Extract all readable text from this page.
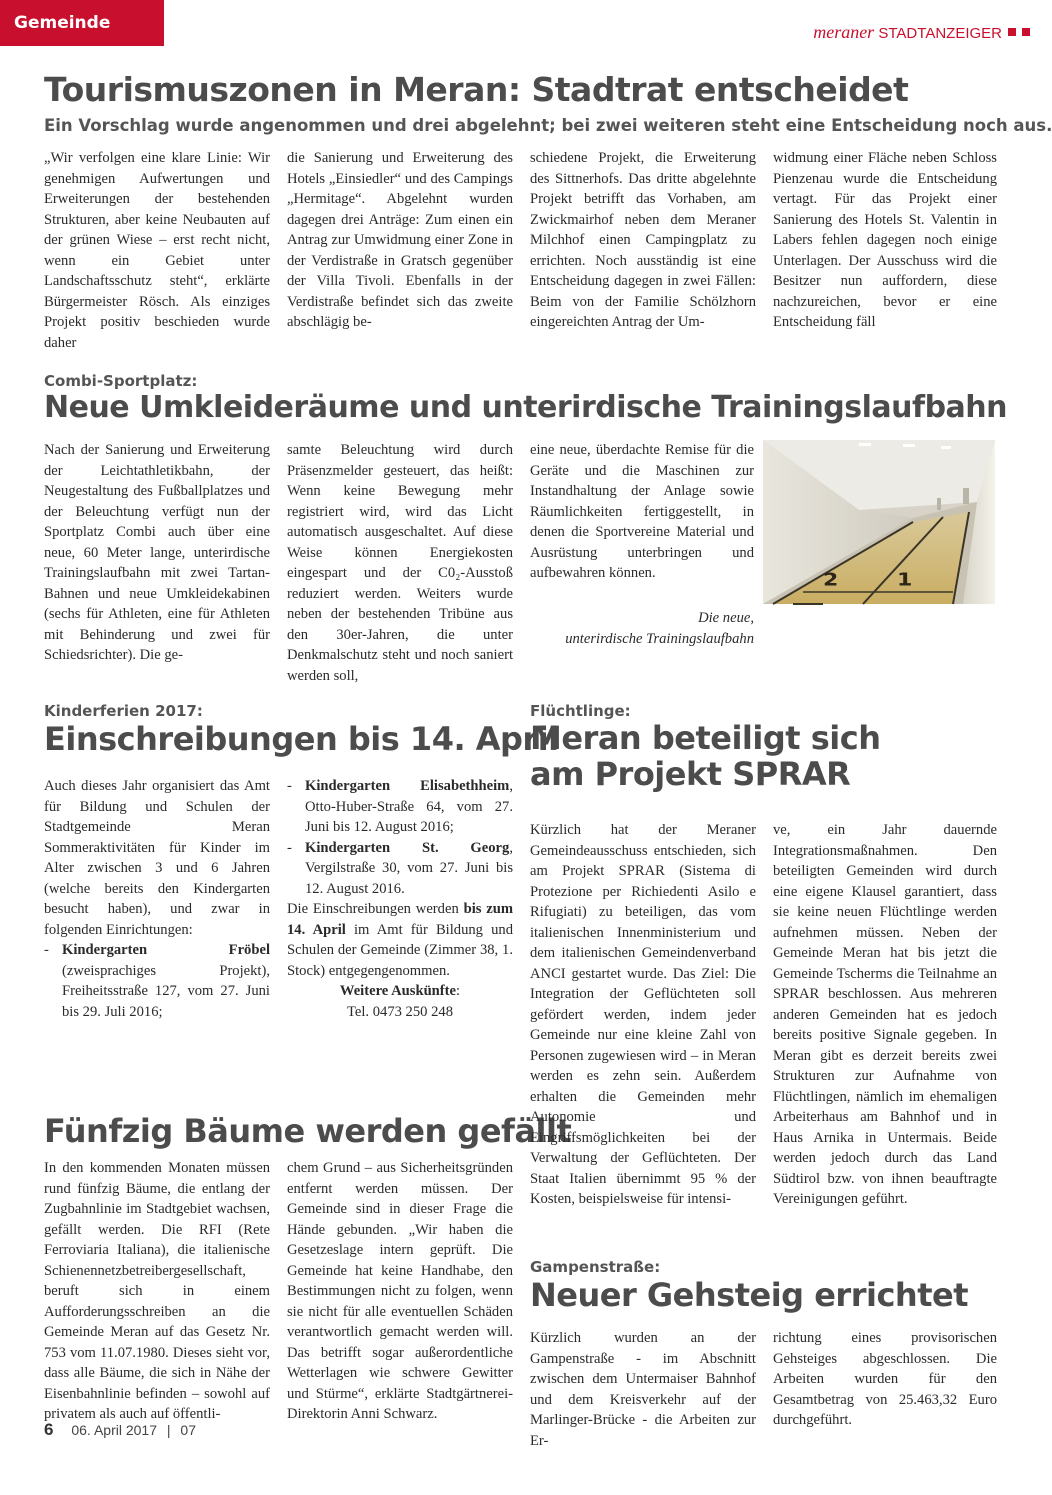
Gemeinde	meraner STADTANZEIGER
Tourismuszonen in Meran: Stadtrat entscheidet
Ein Vorschlag wurde angenommen und drei abgelehnt; bei zwei weiteren steht eine Entscheidung noch aus.

„Wir verfolgen eine klare Linie: Wir genehmigen Aufwertungen und Erweiterungen der bestehenden Strukturen, aber keine Neubauten auf der grünen Wiese – erst recht nicht, wenn ein Gebiet unter Landschaftsschutz steht“, erklärte Bürgermeister Rösch. Als einziges Projekt positiv beschieden wurde daher

die Sanierung und Erweiterung des Hotels „Einsiedler“ und des Campings „Hermitage“. Abgelehnt wurden dagegen drei Anträge: Zum einen ein Antrag zur Umwidmung einer Zone in der Verdistraße in Gratsch gegenüber der Villa Tivoli. Ebenfalls in der Verdistraße befindet sich das zweite abschlägig be-

schiedene Projekt, die Erweiterung des Sittnerhofs. Das dritte abgelehnte Projekt betrifft das Vorhaben, am Zwickmairhof neben dem Meraner Milchhof einen Campingplatz zu errichten. Noch ausständig ist eine Entscheidung dagegen in zwei Fällen: Beim von der Familie Schölzhorn eingereichten Antrag der Um-

widmung einer Fläche neben Schloss Pienzenau wurde die Entscheidung vertagt. Für das Projekt einer Sanierung des Hotels St. Valentin in Labers fehlen dagegen noch einige Unterlagen. Der Ausschuss wird die Besitzer nun auffordern, diese nachzureichen, bevor er eine Entscheidung fäll

Combi-Sportplatz:
Neue Umkleideräume und unterirdische Trainingslaufbahn

Nach der Sanierung und Erweiterung der Leichtathletikbahn, der Neugestaltung des Fußballplatzes und der Beleuchtung verfügt nun der Sportplatz Combi auch über eine neue, 60 Meter lange, unterirdische Trainingslaufbahn mit zwei Tartan-Bahnen und neue Umkleidekabinen (sechs für Athleten, eine für Athleten mit Behinderung und zwei für Schiedsrichter). Die ge-

samte Beleuchtung wird durch Präsenzmelder gesteuert, das heißt: Wenn keine Bewegung mehr registriert wird, wird das Licht automatisch ausgeschaltet. Auf diese Weise können Energiekosten eingespart und der C0₂-Ausstoß reduziert werden. Weiters wurde neben der bestehenden Tribüne aus den 30er-Jahren, die unter Denkmalschutz steht und noch saniert werden soll,

eine neue, überdachte Remise für die Geräte und die Maschinen zur Instandhaltung der Anlage sowie Räumlichkeiten fertiggestellt, in denen die Sportvereine Material und Ausrüstung unterbringen und aufbewahren können.	2	1
Die neue,
unterirdische Trainingslaufbahn
Kinderferien 2017:
Einschreibungen bis 14. April

Auch dieses Jahr organisiert das Amt für Bildung und Schulen der Stadtgemeinde Meran Sommeraktivitäten für Kinder im Alter zwischen 3 und 6 Jahren (welche bereits den Kindergarten besucht haben), und zwar in folgenden Einrichtungen:

- Kindergarten Fröbel (zweisprachiges Projekt), Freiheitsstraße 127, vom 27. Juni bis 29. Juli 2016;
- Kindergarten Elisabethheim, Otto-Huber-Straße 64, vom 27. Juni bis 12. August 2016;
- Kindergarten St. Georg, Vergilstraße 30, vom 27. Juni bis 12. August 2016.

Die Einschreibungen werden bis zum 14. April im Amt für Bildung und Schulen der Gemeinde (Zimmer 38, 1. Stock) entgegengenommen.

Weitere Auskünfte:

Tel. 0473 250 248

Fünfzig Bäume werden gefällt

In den kommenden Monaten müssen rund fünfzig Bäume, die entlang der Zugbahnlinie im Stadtgebiet wachsen, gefällt werden. Die RFI (Rete Ferroviaria Italiana), die italienische Schienennetzbetreibergesellschaft, beruft sich in einem Aufforderungsschreiben an die Gemeinde Meran auf das Gesetz Nr. 753 vom 11.07.1980. Dieses sieht vor, dass alle Bäume, die sich in Nähe der Eisenbahnlinie befinden – sowohl auf privatem als auch auf öffentli-

chem Grund – aus Sicherheitsgründen entfernt werden müssen. Der Gemeinde sind in dieser Frage die Hände gebunden. „Wir haben die Gesetzeslage intern geprüft. Die Gemeinde hat keine Handhabe, den Bestimmungen nicht zu folgen, wenn sie nicht für alle eventuellen Schäden verantwortlich gemacht werden will. Das betrifft sogar außerordentliche Wetterlagen wie schwere Gewitter und Stürme“, erklärte Stadtgärtnerei-Direktorin Anni Schwarz.

Flüchtlinge:
Meran beteiligt sich
am Projekt SPRAR

Kürzlich hat der Meraner Gemeindeausschuss entschieden, sich am Projekt SPRAR (Sistema di Protezione per Richiedenti Asilo e Rifugiati) zu beteiligen, das vom italienischen Innenministerium und dem italienischen Gemeindenverband ANCI gestartet wurde. Das Ziel: Die Integration der Geflüchteten soll gefördert werden, indem jeder Gemeinde nur eine kleine Zahl von Personen zugewiesen wird – in Meran werden es zehn sein. Außerdem erhalten die Gemeinden mehr Autonomie und Eingriffsmöglichkeiten bei der Verwaltung der Geflüchteten. Der Staat Italien übernimmt 95 % der Kosten, beispielsweise für intensi-

ve, ein Jahr dauernde Integrationsmaßnahmen. Den beteiligten Gemeinden wird durch eine eigene Klausel garantiert, dass sie keine neuen Flüchtlinge werden aufnehmen müssen. Neben der Gemeinde Meran hat bis jetzt die Gemeinde Tscherms die Teilnahme an SPRAR beschlossen. Aus mehreren anderen Gemeinden hat es jedoch bereits positive Signale gegeben. In Meran gibt es derzeit bereits zwei Strukturen zur Aufnahme von Flüchtlingen, nämlich im ehemaligen Arbeiterhaus am Bahnhof und in Haus Arnika in Untermais. Beide werden jedoch durch das Land Südtirol bzw. von ihnen beauftragte Vereinigungen geführt.

Gampenstraße:
Neuer Gehsteig errichtet

Kürzlich wurden an der Gampenstraße - im Abschnitt zwischen dem Untermaiser Bahnhof und dem Kreisverkehr auf der Marlinger-Brücke - die Arbeiten zur Er-

richtung eines provisorischen Gehsteiges abgeschlossen. Die Arbeiten wurden für den Gesamtbetrag von 25.463,32 Euro durchgeführt.

6 06. April 2017 | 07
